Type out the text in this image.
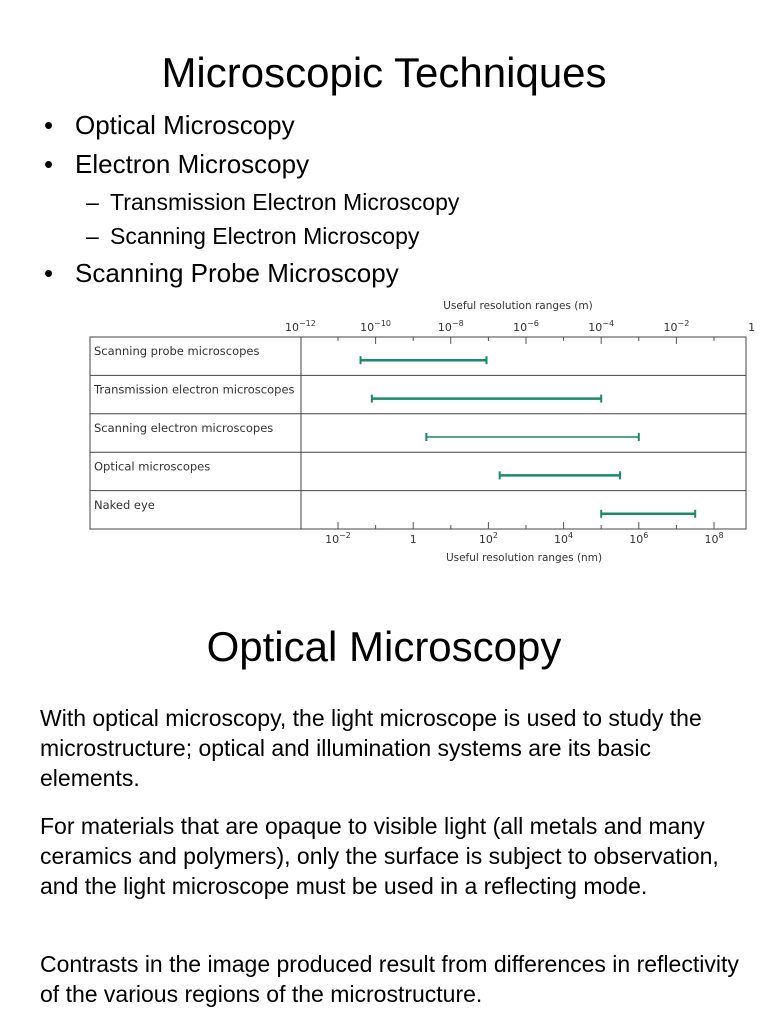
Microscopic Techniques
• Optical Microscopy
• Electron Microscopy
– Transmission Electron Microscopy
– Scanning Electron Microscopy
• Scanning Probe Microscopy
Useful resolution ranges (m)
$10^{-12}$	$10^{-10}$	$10^{-8}$	$10^{-6}$	$10^{-4}$	$10^{-2}$	1
Scanning probe microscopes
Transmission electron microscopes
Scanning electron microscopes
Optical microscopes
Naked eye
$10^{-2}$	1	$10^2$	$10^4$	$10^6$	$10^8$
Useful resolution ranges (nm)
Optical Microscopy

With optical microscopy, the light microscope is used to study the microstructure; optical and illumination systems are its basic elements.

For materials that are opaque to visible light (all metals and many ceramics and polymers), only the surface is subject to observation, and the light microscope must be used in a reflecting mode.

Contrasts in the image produced result from differences in reflectivity of the various regions of the microstructure.
